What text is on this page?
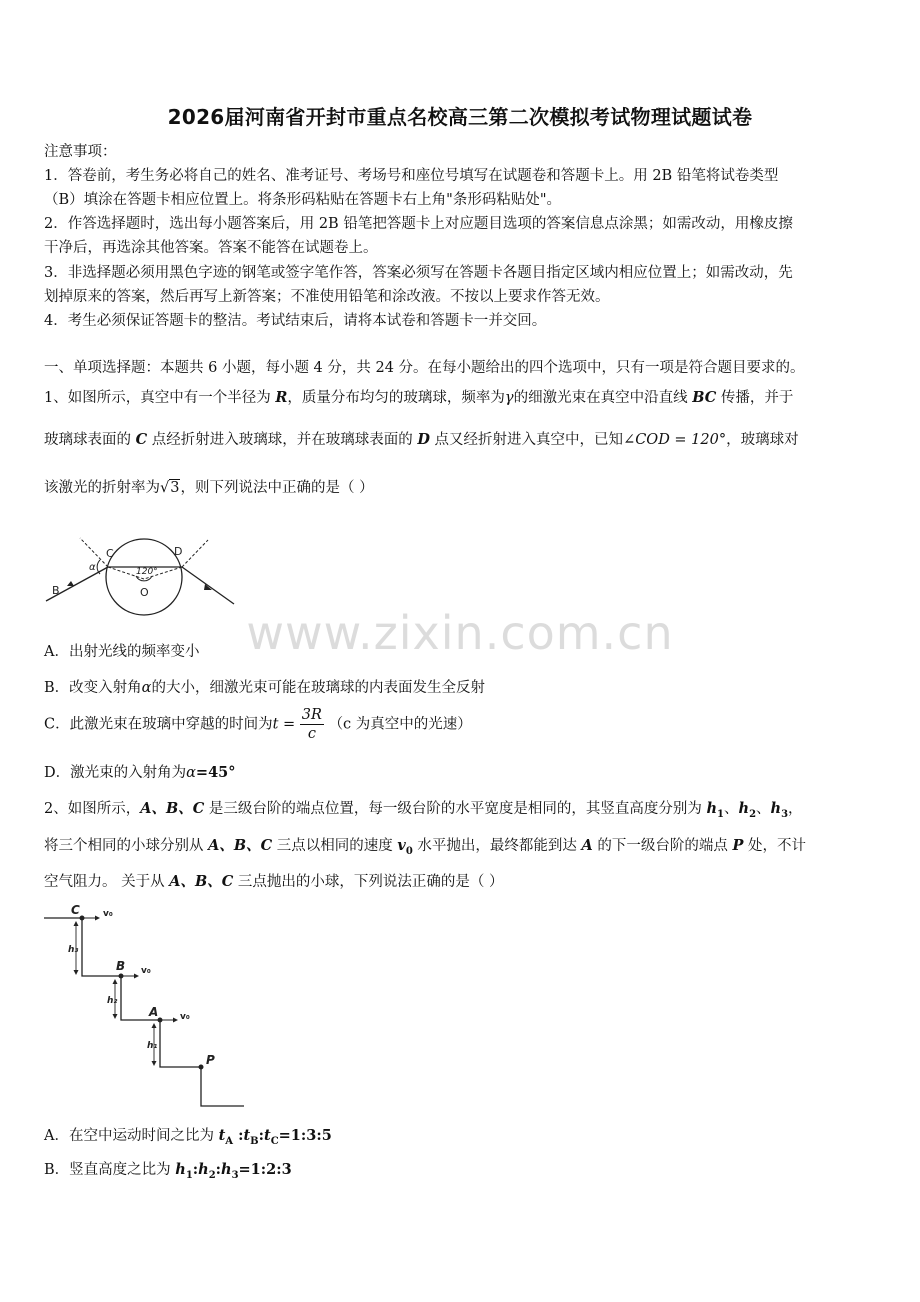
2026届河南省开封市重点名校高三第二次模拟考试物理试题试卷
注意事项：
1．答卷前，考生务必将自己的姓名、准考证号、考场号和座位号填写在试题卷和答题卡上。用 2B 铅笔将试卷类型
（B）填涂在答题卡相应位置上。将条形码粘贴在答题卡右上角"条形码粘贴处"。
2．作答选择题时，选出每小题答案后，用 2B 铅笔把答题卡上对应题目选项的答案信息点涂黑；如需改动，用橡皮擦
干净后，再选涂其他答案。答案不能答在试题卷上。
3．非选择题必须用黑色字迹的钢笔或签字笔作答，答案必须写在答题卡各题目指定区域内相应位置上；如需改动，先
划掉原来的答案，然后再写上新答案；不准使用铅笔和涂改液。不按以上要求作答无效。
4．考生必须保证答题卡的整洁。考试结束后，请将本试卷和答题卡一并交回。
一、单项选择题：本题共 6 小题，每小题 4 分，共 24 分。在每小题给出的四个选项中，只有一项是符合题目要求的。
1、如图所示，真空中有一个半径为 R，质量分布均匀的玻璃球，频率为γ的细激光束在真空中沿直线 BC 传播，并于
玻璃球表面的 C 点经折射进入玻璃球，并在玻璃球表面的 D 点又经折射进入真空中，已知∠COD = 120°，玻璃球对
该激光的折射率为√3，则下列说法中正确的是（ ）
B
C	D
α	120°
O
www.zixin.com.cn
A．出射光线的频率变小
B．改变入射角α的大小，细激光束可能在玻璃球的内表面发生全反射
C．此激光束在玻璃中穿越的时间为$t = \frac{3R}{c} (c$ 为真空中的光速）
D．激光束的入射角为α=45°
2、如图所示，A、B、C 是三级台阶的端点位置，每一级台阶的水平宽度是相同的，其竖直高度分别为 $h_1$、$h_2$、$h_3$，
将三个相同的小球分别从 A、B、C 三点以相同的速度 $v_0$ 水平抛出，最终都能到达 A 的下一级台阶的端点 P 处，不计
空气阻力。 关于从 A、B、C 三点抛出的小球，下列说法正确的是（ ）
C	v₀
h₃
B v₀
h₂
A v₀
h₁
P
A．在空中运动时间之比为 $t_A$ $:t_B:t_C=1:3:5$
B．竖直高度之比为 $h_1:h_2:h_3=1:2:3$
